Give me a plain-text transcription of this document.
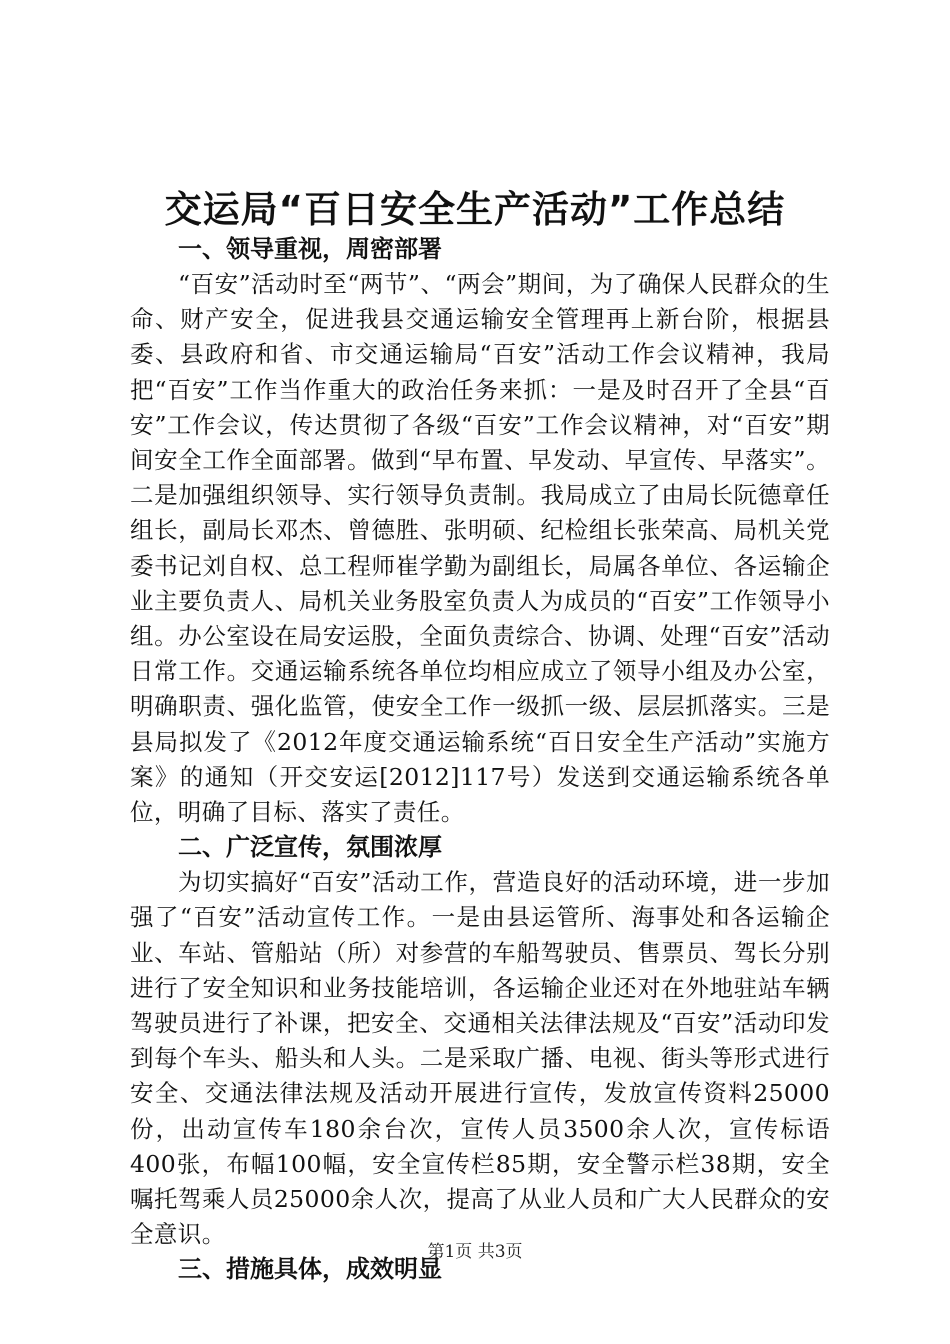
交运局“百日安全生产活动”工作总结

一、领导重视，周密部署

“百安”活动时至“两节”、“两会”期间，为了确保人民群众的生命、财产安全，促进我县交通运输安全管理再上新台阶，根据县委、县政府和省、市交通运输局“百安”活动工作会议精神，我局把“百安”工作当作重大的政治任务来抓：一是及时召开了全县“百安”工作会议，传达贯彻了各级“百安”工作会议精神，对“百安”期间安全工作全面部署。做到“早布置、早发动、早宣传、早落实”。二是加强组织领导、实行领导负责制。我局成立了由局长阮德章任组长，副局长邓杰、曾德胜、张明硕、纪检组长张荣高、局机关党委书记刘自权、总工程师崔学勤为副组长，局属各单位、各运输企业主要负责人、局机关业务股室负责人为成员的“百安”工作领导小组。办公室设在局安运股，全面负责综合、协调、处理“百安”活动日常工作。交通运输系统各单位均相应成立了领导小组及办公室，明确职责、强化监管，使安全工作一级抓一级、层层抓落实。三是县局拟发了《2012年度交通运输系统“百日安全生产活动”实施方案》的通知（开交安运[2012]117号）发送到交通运输系统各单位，明确了目标、落实了责任。

二、广泛宣传，氛围浓厚

为切实搞好“百安”活动工作，营造良好的活动环境，进一步加强了“百安”活动宣传工作。一是由县运管所、海事处和各运输企业、车站、管船站（所）对参营的车船驾驶员、售票员、驾长分别进行了安全知识和业务技能培训，各运输企业还对在外地驻站车辆驾驶员进行了补课，把安全、交通相关法律法规及“百安”活动印发到每个车头、船头和人头。二是采取广播、电视、街头等形式进行安全、交通法律法规及活动开展进行宣传，发放宣传资料25000份，出动宣传车180余台次，宣传人员3500余人次，宣传标语400张，布幅100幅，安全宣传栏85期，安全警示栏38期，安全嘱托驾乘人员25000余人次，提高了从业人员和广大人民群众的安全意识。

三、措施具体，成效明显

第1页 共3页
